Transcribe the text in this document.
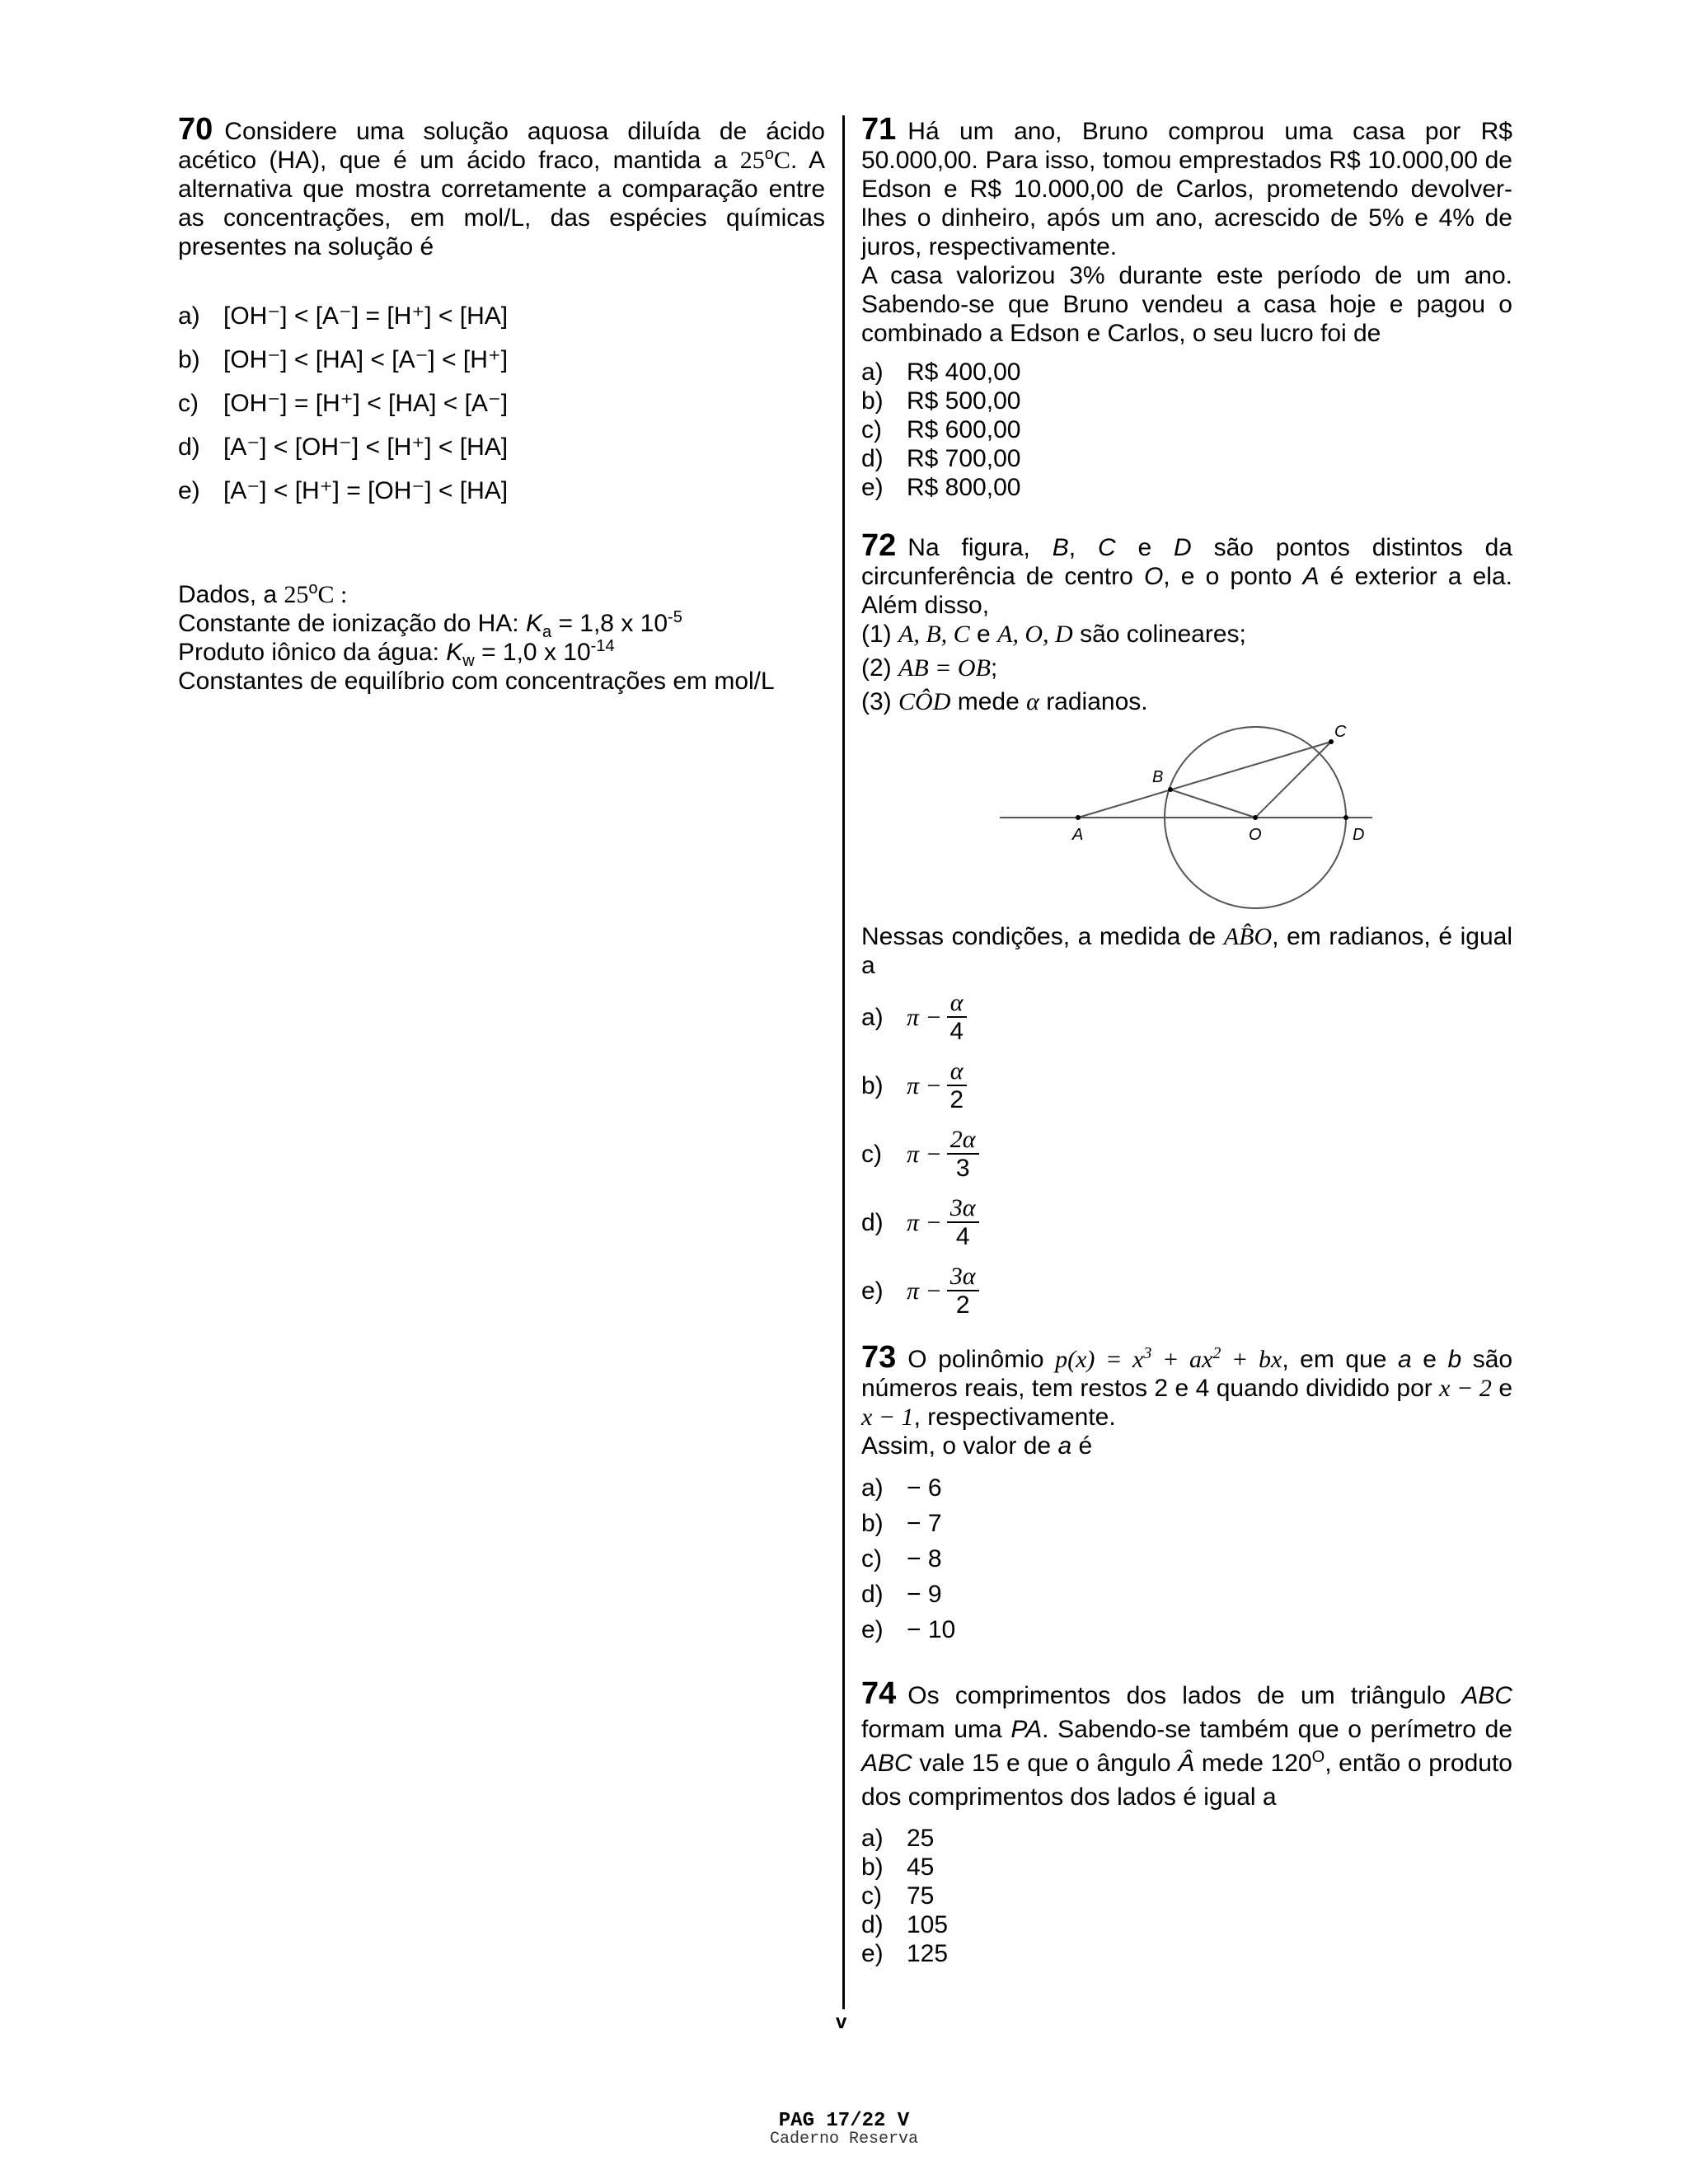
70 Considere uma solução aquosa diluída de ácido acético (HA), que é um ácido fraco, mantida a 25$^o$C. A alternativa que mostra corretamente a comparação entre as concentrações, em mol/L, das espécies químicas presentes na solução é
a) [OH⁻] < [A⁻] = [H⁺] < [HA]
b) [OH⁻] < [HA] < [A⁻] < [H⁺]
c)	[OH⁻] = [H⁺] < [HA] < [A⁻]
d) [A⁻] < [OH⁻] < [H⁺] < [HA]
e) [A⁻] < [H⁺] = [OH⁻] < [HA]
Dados, a 25$^o$C :
Constante de ionização do HA: $K_a = 1,8$ x $10^{-5}$
Produto iônico da água: $K_w = 1,0$ x $10^{-14}$
Constantes de equilíbrio com concentrações em mol/L
71 Há um ano, Bruno comprou uma casa por R$ 50.000,00. Para isso, tomou emprestados R$ 10.000,00 de Edson e R$ 10.000,00 de Carlos, prometendo devolver-lhes o dinheiro, após um ano, acrescido de 5% e 4% de juros, respectivamente.
A casa valorizou 3% durante este período de um ano. Sabendo-se que Bruno vendeu a casa hoje e pagou o combinado a Edson e Carlos, o seu lucro foi de
a) R$ 400,00
b) R$ 500,00
c)	R$ 600,00
d) R$ 700,00
e) R$ 800,00
72 Na figura, B, C e D são pontos distintos da circunferência de centro O, e o ponto A é exterior a ela. Além disso,
(1) A, B, C e A, O, D são colineares;
(2) AB = OB;
(3) CÔD mede α radianos.
A
B
C
O	D
Nessas condições, a medida de AB̂O, em radianos, é igual a
a) $\pi - \frac{\alpha}{4}$
b) $\pi - \frac{\alpha}{2}$
c)	$\pi - \frac{2\alpha}{3}$
d) $\pi - \frac{3\alpha}{4}$
e) $\pi - \frac{3\alpha}{2}$
73 O polinômio $p(x) = x^3 + ax^2$ + bx, em que a e b são números reais, tem restos 2 e 4 quando dividido por x − 2 e x − 1, respectivamente.
Assim, o valor de a é
a) − 6
b) − 7
c)	− 8
d) − 9
e) − 10
74 Os comprimentos dos lados de um triângulo ABC formam uma PA. Sabendo-se também que o perímetro de ABC vale 15 e que o ângulo Â mede $120^O$, então o produto dos comprimentos dos lados é igual a
a) 25
b) 45
c)	75
d) 105
e) 125
v
PAG 17/22 V
Caderno Reserva
